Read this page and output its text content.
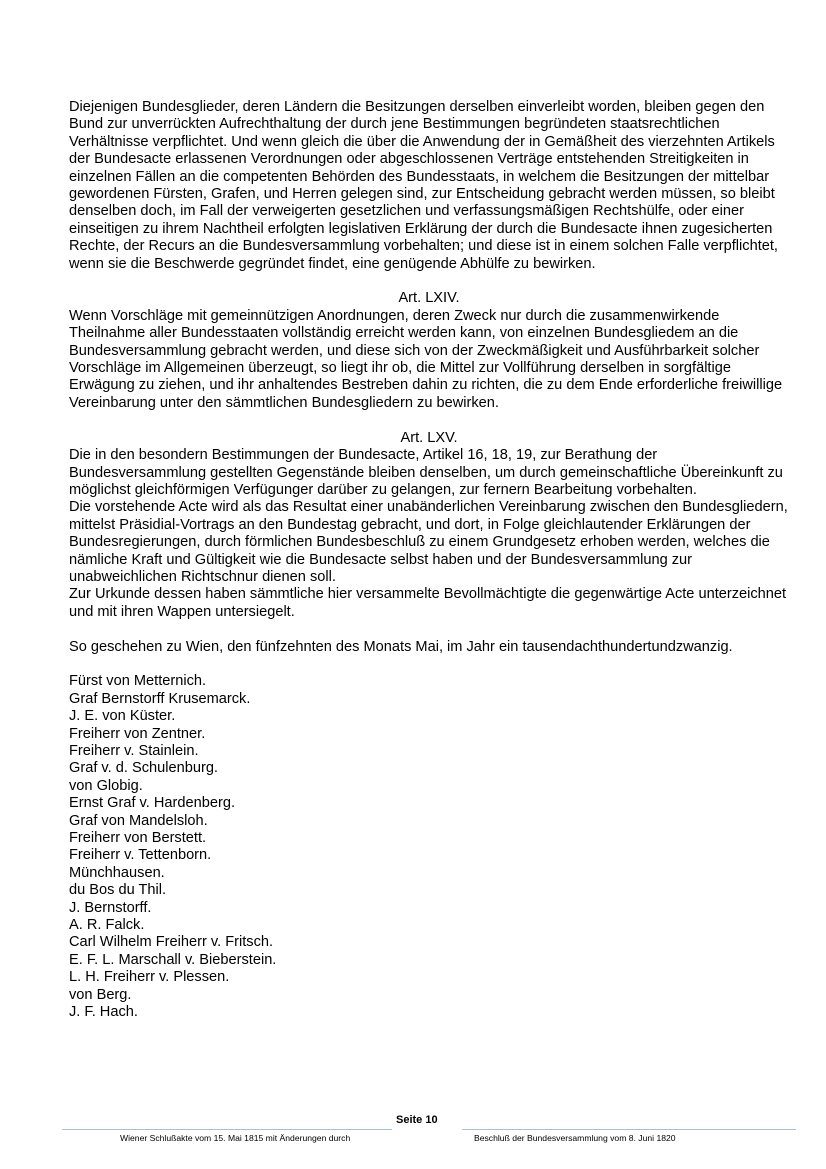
Diejenigen Bundesglieder, deren Ländern die Besitzungen derselben einverleibt worden, bleiben gegen den Bund zur unverrückten Aufrechthaltung der durch jene Bestimmungen begründeten staatsrechtlichen Verhältnisse verpflichtet. Und wenn gleich die über die Anwendung der in Gemäßheit des vierzehnten Artikels der Bundesacte erlassenen Verordnungen oder abgeschlossenen Verträge entstehenden Streitigkeiten in einzelnen Fällen an die competenten Behörden des Bundesstaats, in welchem die Besitzungen der mittelbar gewordenen Fürsten, Grafen, und Herren gelegen sind, zur Entscheidung gebracht werden müssen, so bleibt denselben doch, im Fall der verweigerten gesetzlichen und verfassungsmäßigen Rechtshülfe, oder einer einseitigen zu ihrem Nachtheil erfolgten legislativen Erklärung der durch die Bundesacte ihnen zugesicherten Rechte, der Recurs an die Bundesversammlung vorbehalten; und diese ist in einem solchen Falle verpflichtet, wenn sie die Beschwerde gegründet findet, eine genügende Abhülfe zu bewirken.

Art. LXIV.

Wenn Vorschläge mit gemeinnützigen Anordnungen, deren Zweck nur durch die zusammenwirkende Theilnahme aller Bundesstaaten vollständig erreicht werden kann, von einzelnen Bundesgliedem an die Bundesversammlung gebracht werden, und diese sich von der Zweckmäßigkeit und Ausführbarkeit solcher Vorschläge im Allgemeinen überzeugt, so liegt ihr ob, die Mittel zur Vollführung derselben in sorgfältige Erwägung zu ziehen, und ihr anhaltendes Bestreben dahin zu richten, die zu dem Ende erforderliche freiwillige Vereinbarung unter den sämmtlichen Bundesgliedern zu bewirken.

Art. LXV.

Die in den besondern Bestimmungen der Bundesacte, Artikel 16, 18, 19, zur Berathung der Bundesversammlung gestellten Gegenstände bleiben denselben, um durch gemeinschaftliche Übereinkunft zu möglichst gleichförmigen Verfügunger darüber zu gelangen, zur fernern Bearbeitung vorbehalten.

Die vorstehende Acte wird als das Resultat einer unabänderlichen Vereinbarung zwischen den Bundesgliedern, mittelst Präsidial-Vortrags an den Bundestag gebracht, und dort, in Folge gleichlautender Erklärungen der Bundesregierungen, durch förmlichen Bundesbeschluß zu einem Grundgesetz erhoben werden, welches die nämliche Kraft und Gültigkeit wie die Bundesacte selbst haben und der Bundesversammlung zur unabweichlichen Richtschnur dienen soll.

Zur Urkunde dessen haben sämmtliche hier versammelte Bevollmächtigte die gegenwärtige Acte unterzeichnet und mit ihren Wappen untersiegelt.

So geschehen zu Wien, den fünfzehnten des Monats Mai, im Jahr ein tausendachthundertundzwanzig.

Fürst von Metternich.

Graf Bernstorff Krusemarck.

J. E. von Küster.

Freiherr von Zentner.

Freiherr v. Stainlein.

Graf v. d. Schulenburg.

von Globig.

Ernst Graf v. Hardenberg.

Graf von Mandelsloh.

Freiherr von Berstett.

Freiherr v. Tettenborn.

Münchhausen.

du Bos du Thil.

J. Bernstorff.

A. R. Falck.

Carl Wilhelm Freiherr v. Fritsch.

E. F. L. Marschall v. Bieberstein.

L. H. Freiherr v. Plessen.

von Berg.

J. F. Hach.

Seite 10
Wiener Schlußakte vom 15. Mai 1815 mit Änderungen durch	Beschluß der Bundesversammlung vom 8. Juni 1820
